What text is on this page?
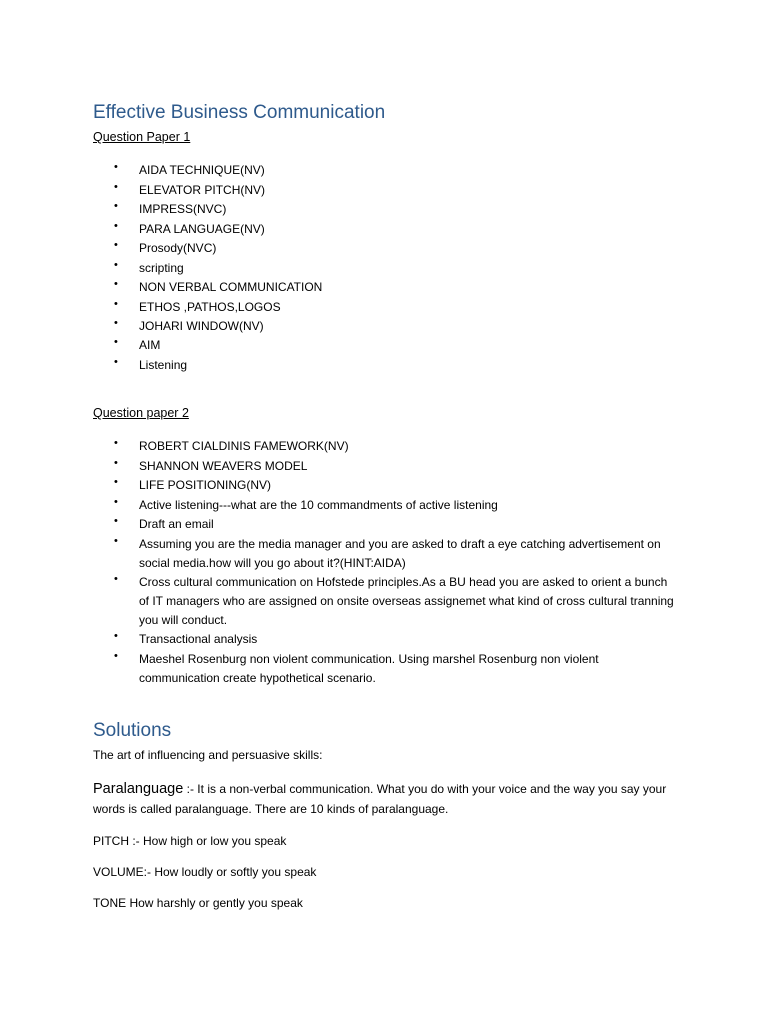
Effective Business Communication
Question Paper 1
• AIDA TECHNIQUE(NV)
• ELEVATOR PITCH(NV)
• IMPRESS(NVC)
• PARA LANGUAGE(NV)
• Prosody(NVC)
• scripting
• NON VERBAL COMMUNICATION
• ETHOS ,PATHOS,LOGOS
• JOHARI WINDOW(NV)
• AIM
• Listening
Question paper 2
• ROBERT CIALDINIS FAMEWORK(NV)
• SHANNON WEAVERS MODEL
• LIFE POSITIONING(NV)
• Active listening---what are the 10 commandments of active listening
• Draft an email
• Assuming you are the media manager and you are asked to draft a eye catching advertisement on social media.how will you go about it?(HINT:AIDA)
• Cross cultural communication on Hofstede principles.As a BU head you are asked to orient a bunch of IT managers who are assigned on onsite overseas assignemet what kind of cross cultural tranning you will conduct.
• Transactional analysis
• Maeshel Rosenburg non violent communication. Using marshel Rosenburg non violent communication create hypothetical scenario.
Solutions

The art of influencing and persuasive skills:

Paralanguage :- It is a non-verbal communication. What you do with your voice and the way you say your words is called paralanguage. There are 10 kinds of paralanguage.

PITCH :- How high or low you speak

VOLUME:- How loudly or softly you speak

TONE How harshly or gently you speak
